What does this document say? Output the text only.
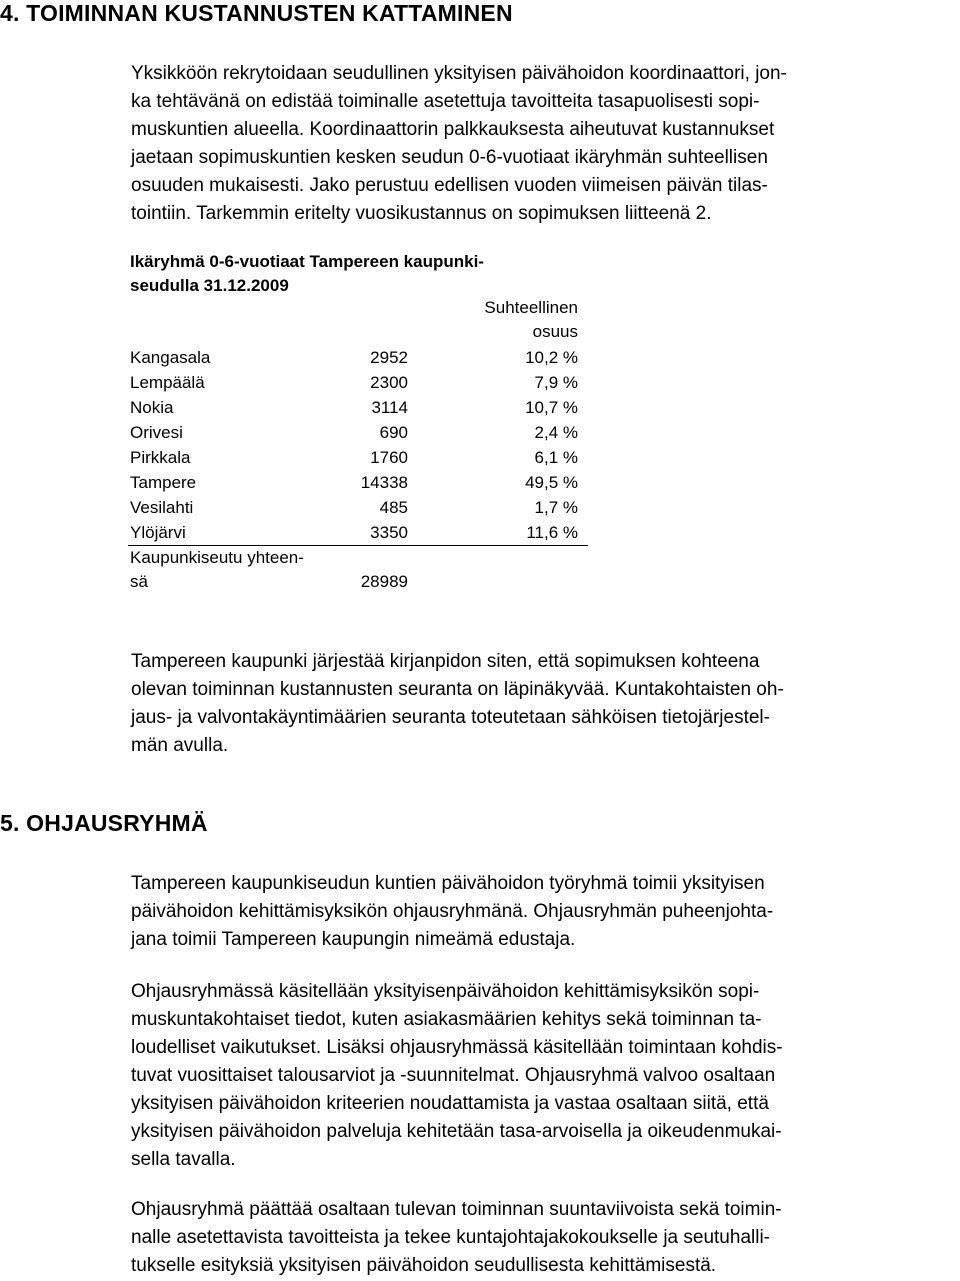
4. TOIMINNAN KUSTANNUSTEN KATTAMINEN
Yksikköön rekrytoidaan seudullinen yksityisen päivähoidon koordinaattori, jon-
ka tehtävänä on edistää toiminalle asetettuja tavoitteita tasapuolisesti sopi-
muskuntien alueella. Koordinaattorin palkkauksesta aiheutuvat kustannukset
jaetaan sopimuskuntien kesken seudun 0-6-vuotiaat ikäryhmän suhteellisen
osuuden mukaisesti. Jako perustuu edellisen vuoden viimeisen päivän tilas-
tointiin. Tarkemmin eritelty vuosikustannus on sopimuksen liitteenä 2.
Ikäryhmä 0-6-vuotiaat Tampereen kaupunki-
seudulla 31.12.2009
Suhteellinen
osuus
Kangasala	2952	10,2 %
Lempäälä	2300	7,9 %
Nokia	3114	10,7 %
Orivesi	690	2,4 %
Pirkkala	1760	6,1 %
Tampere	14338	49,5 %
Vesilahti	485	1,7 %
Ylöjärvi	3350	11,6 %
Kaupunkiseutu yhteen-
sä	28989
Tampereen kaupunki järjestää kirjanpidon siten, että sopimuksen kohteena
olevan toiminnan kustannusten seuranta on läpinäkyvää. Kuntakohtaisten oh-
jaus- ja valvontakäyntimäärien seuranta toteutetaan sähköisen tietojärjestel-
män avulla.
5. OHJAUSRYHMÄ
Tampereen kaupunkiseudun kuntien päivähoidon työryhmä toimii yksityisen
päivähoidon kehittämisyksikön ohjausryhmänä. Ohjausryhmän puheenjohta-
jana toimii Tampereen kaupungin nimeämä edustaja.
Ohjausryhmässä käsitellään yksityisenpäivähoidon kehittämisyksikön sopi-
muskuntakohtaiset tiedot, kuten asiakasmäärien kehitys sekä toiminnan ta-
loudelliset vaikutukset. Lisäksi ohjausryhmässä käsitellään toimintaan kohdis-
tuvat vuosittaiset talousarviot ja -suunnitelmat. Ohjausryhmä valvoo osaltaan
yksityisen päivähoidon kriteerien noudattamista ja vastaa osaltaan siitä, että
yksityisen päivähoidon palveluja kehitetään tasa-arvoisella ja oikeudenmukai-
sella tavalla.
Ohjausryhmä päättää osaltaan tulevan toiminnan suuntaviivoista sekä toimin-
nalle asetettavista tavoitteista ja tekee kuntajohtajakokoukselle ja seutuhalli-
tukselle esityksiä yksityisen päivähoidon seudullisesta kehittämisestä.
